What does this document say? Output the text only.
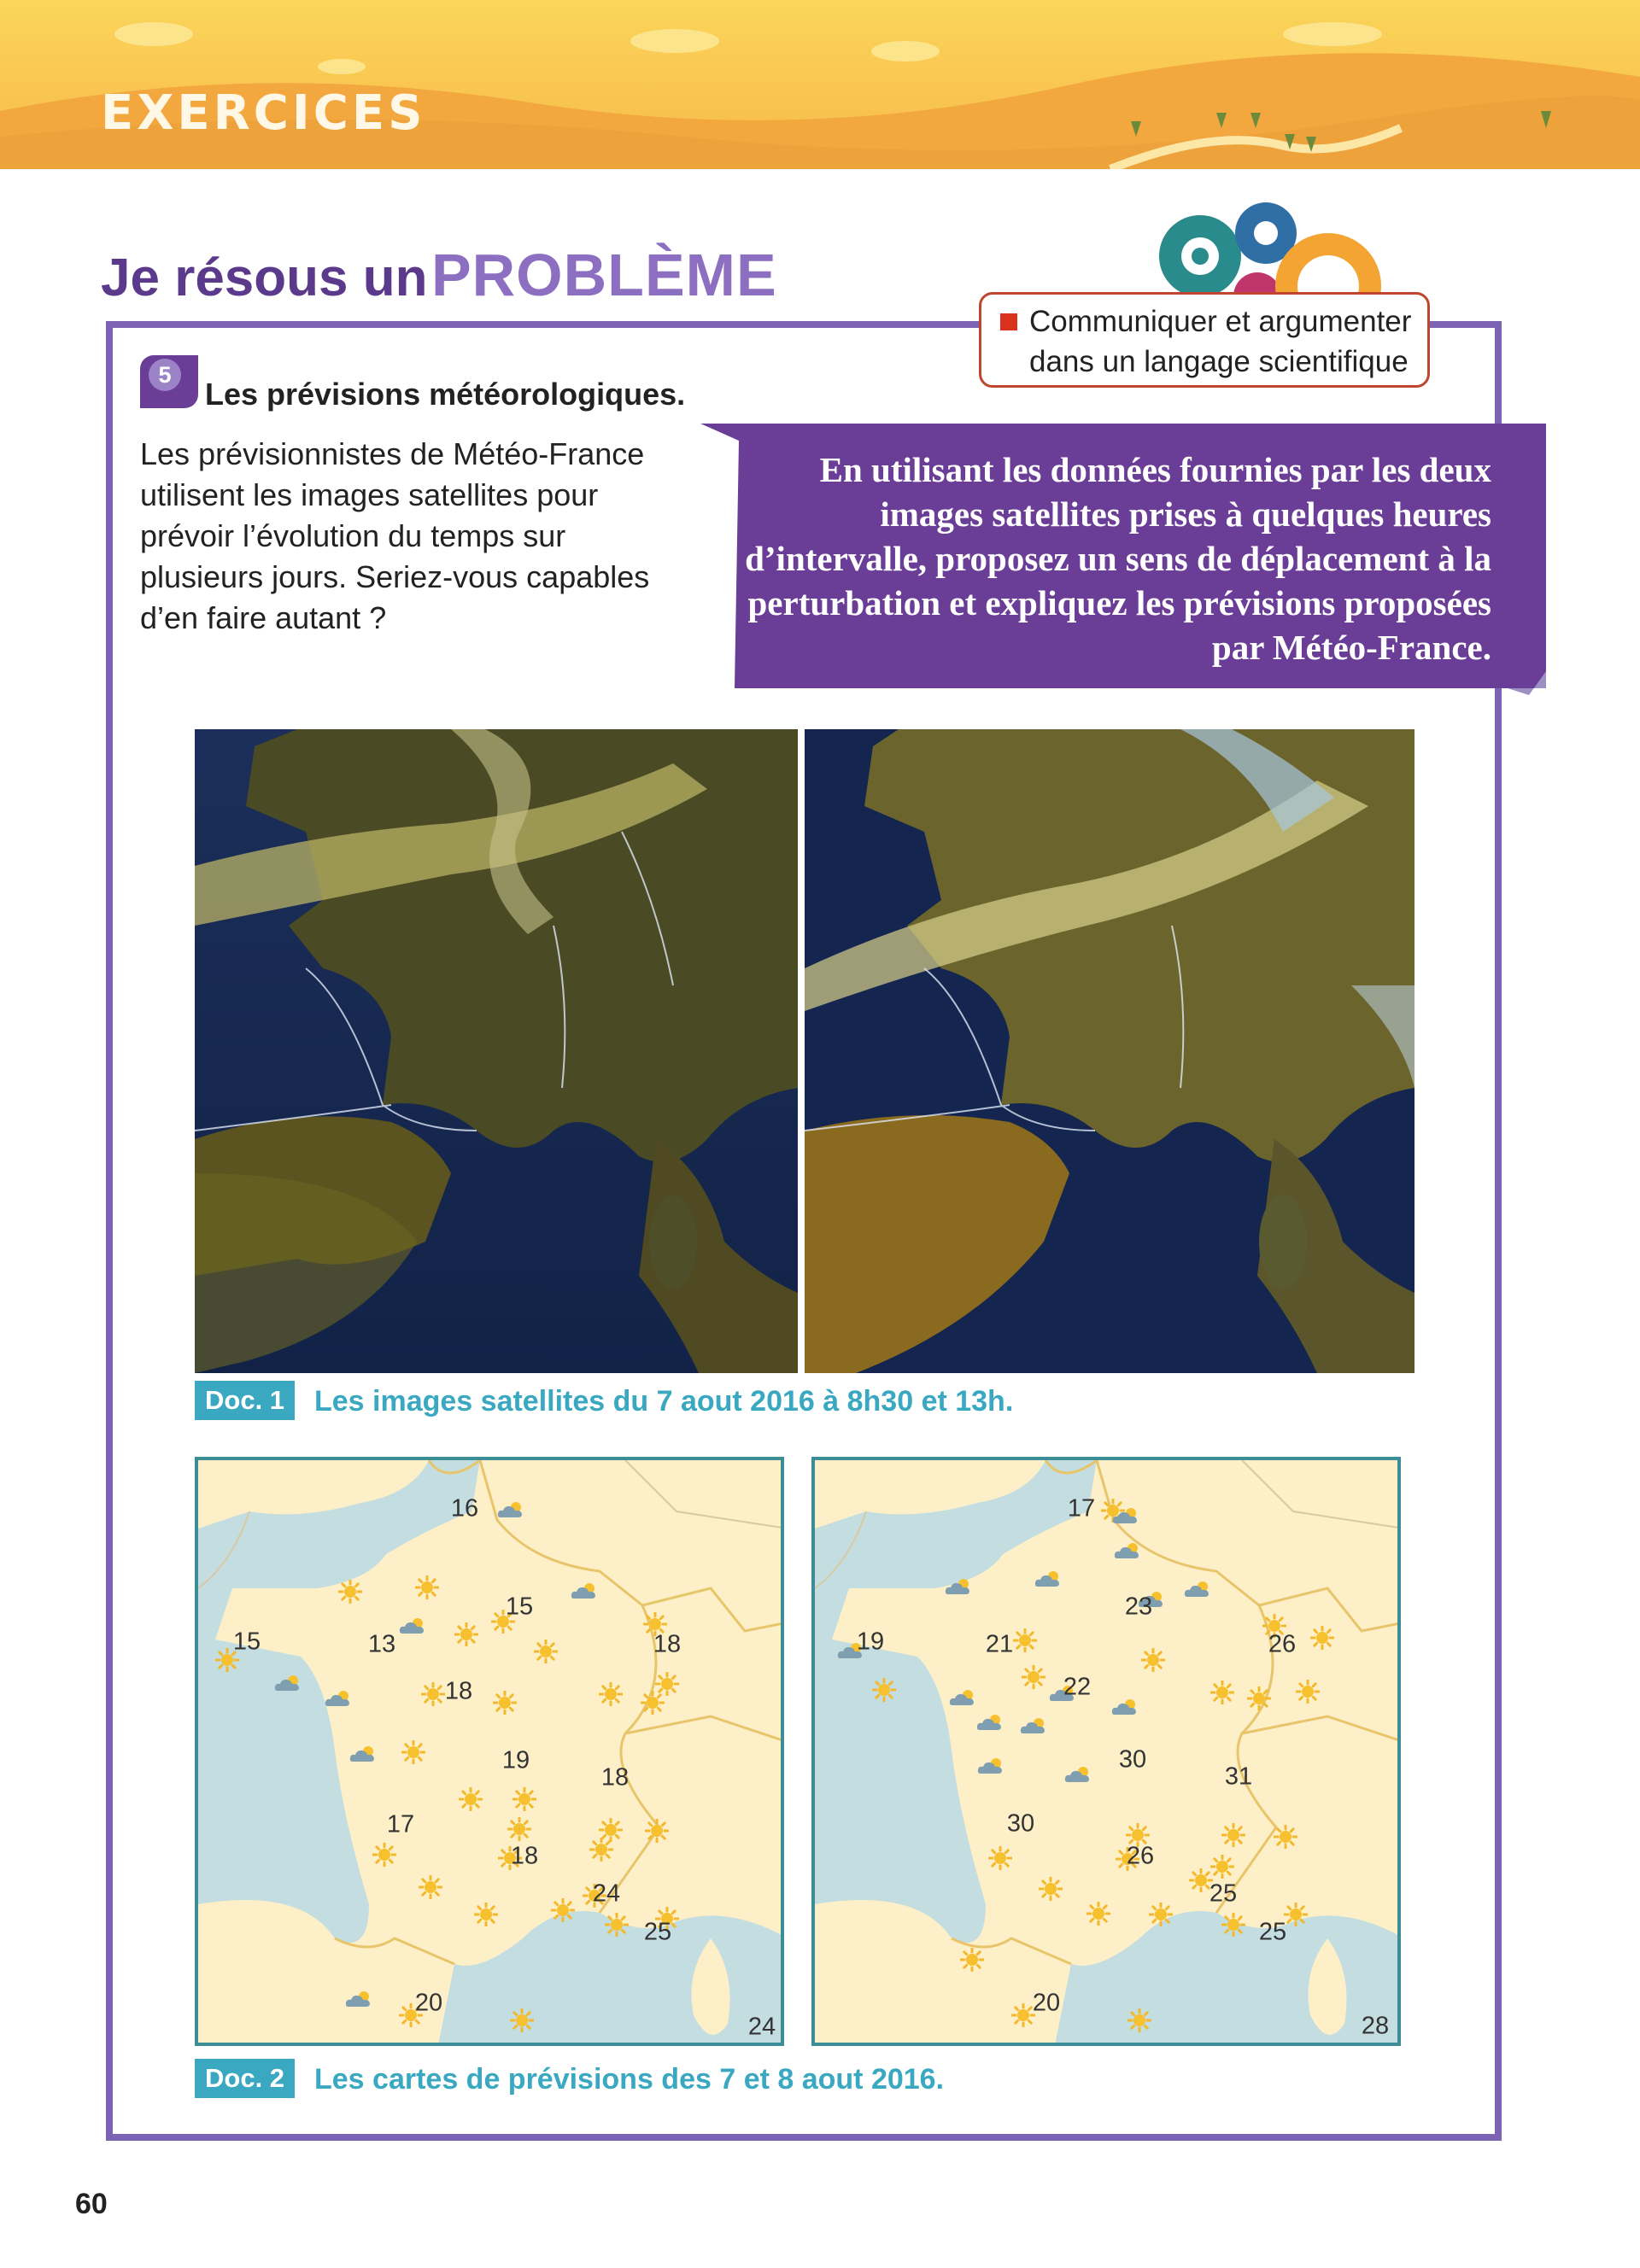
EXERCICES
Je résous un PROBLÈME
Communiquer et argumenter dans un langage scientifique
5
Les prévisions météorologiques.
Les prévisionnistes de Météo-France utilisent les images satellites pour prévoir l’évolution du temps sur plusieurs jours. Seriez-vous capables d’en faire autant ?
En utilisant les données fournies par les deux images satellites prises à quelques heures d’intervalle, proposez un sens de déplacement à la perturbation et expliquez les prévisions proposées par Météo-France.
Doc. 1	Les images satellites du 7 aout 2016 à 8h30 et 13h.
16
15
15
13	18
18
19
18
17
18
24
25
20
24
17
23
19	21	26
22
30
31
30
26
25
25
20
28
Doc. 2	Les cartes de prévisions des 7 et 8 aout 2016.
60
